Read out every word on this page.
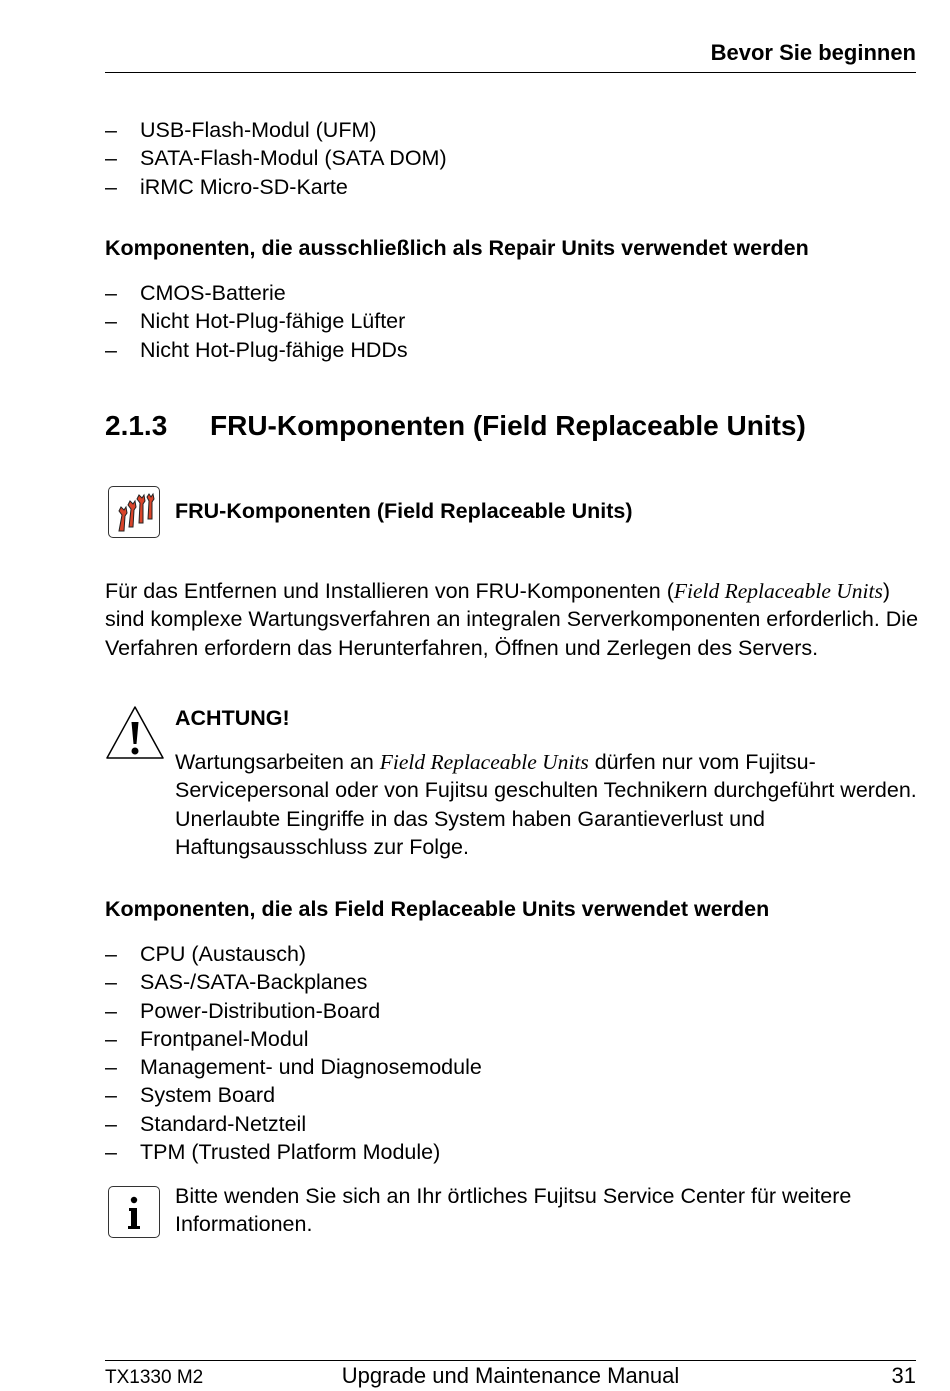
Bevor Sie beginnen
– USB-Flash-Modul (UFM)
– SATA-Flash-Modul (SATA DOM)
– iRMC Micro-SD-Karte
Komponenten, die ausschließlich als Repair Units verwendet werden
– CMOS-Batterie
– Nicht Hot-Plug-fähige Lüfter
– Nicht Hot-Plug-fähige HDDs
2.1.3 FRU-Komponenten (Field Replaceable Units)
FRU-Komponenten (Field Replaceable Units)
Für das Entfernen und Installieren von FRU-Komponenten (Field Replaceable Units) sind komplexe Wartungsverfahren an integralen Serverkomponenten erforderlich. Die Verfahren erfordern das Herunterfahren, Öffnen und Zerlegen des Servers.
ACHTUNG!
Wartungsarbeiten an Field Replaceable Units dürfen nur vom Fujitsu-Servicepersonal oder von Fujitsu geschulten Technikern durchgeführt werden. Unerlaubte Eingriffe in das System haben Garantieverlust und Haftungsausschluss zur Folge.
Komponenten, die als Field Replaceable Units verwendet werden
– CPU (Austausch)
– SAS-/SATA-Backplanes
– Power-Distribution-Board
– Frontpanel-Modul
– Management- und Diagnosemodule
– System Board
– Standard-Netzteil
– TPM (Trusted Platform Module)
Bitte wenden Sie sich an Ihr örtliches Fujitsu Service Center für weitere Informationen.
TX1330 M2	Upgrade und Maintenance Manual	31
